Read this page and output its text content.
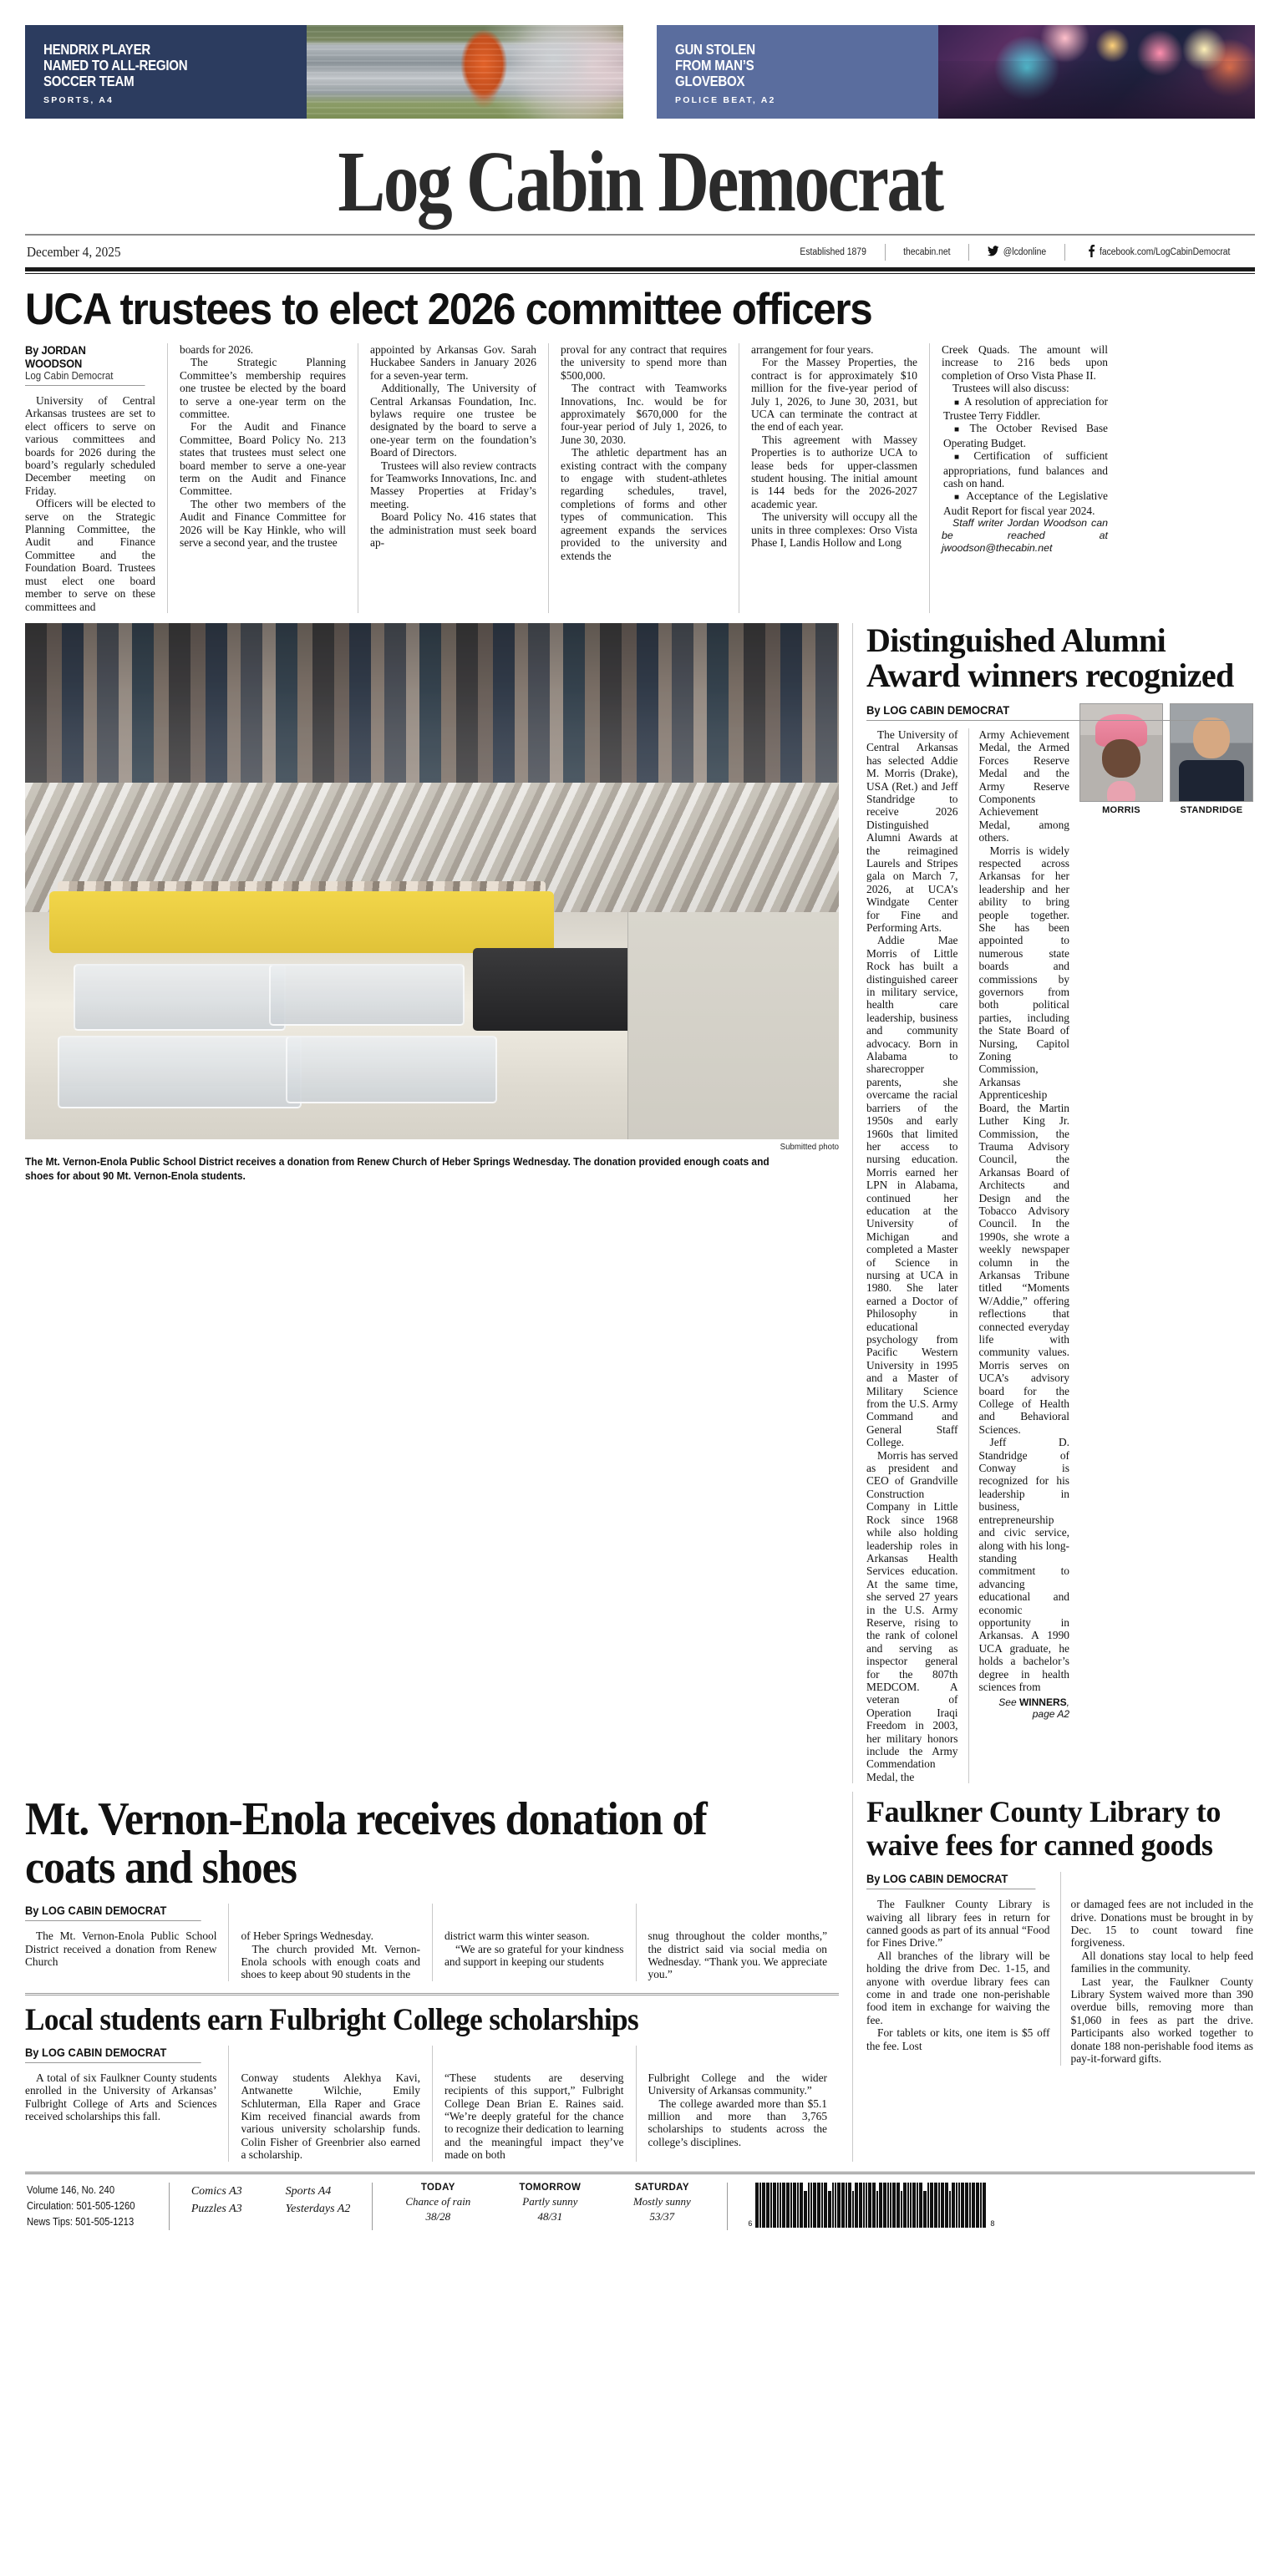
HENDRIX PLAYER
NAMED TO ALL-REGION
SOCCER TEAM
SPORTS, A4
GUN STOLEN
FROM MAN’S
GLOVEBOX
POLICE BEAT, A2
Log Cabin Democrat
December 4, 2025	Established 1879	thecabin.net	@lcdonline	facebook.com/LogCabinDemocrat
UCA trustees to elect 2026 committee officers
By JORDAN WOODSON
Log Cabin Democrat

University of Central Arkansas trustees are set to elect officers to serve on various committees and boards for 2026 during the board’s regularly scheduled December meeting on Friday.

Officers will be elected to serve on the Strategic Planning Committee, the Audit and Finance Committee and the Foundation Board. Trustees must elect one board member to serve on these committees and

boards for 2026.

The Strategic Planning Committee’s membership requires one trustee be elected by the board to serve a one-year term on the committee.

For the Audit and Finance Committee, Board Policy No. 213 states that trustees must select one board member to serve a one-year term on the Audit and Finance Committee.

The other two members of the Audit and Finance Committee for 2026 will be Kay Hinkle, who will serve a second year, and the trustee

appointed by Arkansas Gov. Sarah Huckabee Sanders in January 2026 for a seven-year term.

Additionally, The University of Central Arkansas Foundation, Inc. bylaws require one trustee be designated by the board to serve a one-year term on the foundation’s Board of Directors.

Trustees will also review contracts for Teamworks Innovations, Inc. and Massey Properties at Friday’s meeting.

Board Policy No. 416 states that the administration must seek board ap-

proval for any contract that requires the university to spend more than $500,000.

The contract with Teamworks Innovations, Inc. would be for approximately $670,000 for the four-year period of July 1, 2026, to June 30, 2030.

The athletic department has an existing contract with the company to engage with student-athletes regarding schedules, travel, completions of forms and other types of communication. This agreement expands the services provided to the university and extends the

arrangement for four years.

For the Massey Properties, the contract is for approximately $10 million for the five-year period of July 1, 2026, to June 30, 2031, but UCA can terminate the contract at the end of each year.

This agreement with Massey Properties is to authorize UCA to lease beds for upper-classmen student housing. The initial amount is 144 beds for the 2026-2027 academic year.

The university will occupy all the units in three complexes: Orso Vista Phase I, Landis Hollow and Long

Creek Quads. The amount will increase to 216 beds upon completion of Orso Vista Phase II.

Trustees will also discuss:

■ A resolution of appreciation for Trustee Terry Fiddler.

■ The October Revised Base Operating Budget.

■ Certification of sufficient appropriations, fund balances and cash on hand.

■ Acceptance of the Legislative Audit Report for fiscal year 2024.

Staff writer Jordan Woodson can be reached at jwoodson@thecabin.net

Submitted photo
The Mt. Vernon-Enola Public School District receives a donation from Renew Church of Heber Springs Wednesday. The donation provided enough coats and shoes for about 90 Mt. Vernon-Enola students.
Distinguished Alumni Award winners recognized
MORRIS	STANDRIDGE
By LOG CABIN DEMOCRAT

The University of Central Arkansas has selected Addie M. Morris (Drake), USA (Ret.) and Jeff Standridge to receive 2026 Distinguished Alumni Awards at the reimagined Laurels and Stripes gala on March 7, 2026, at UCA’s Windgate Center for Fine and Performing Arts.

Addie Mae Morris of Little Rock has built a distinguished career in military service, health care leadership, business and community advocacy. Born in Alabama to sharecropper parents, she overcame the racial barriers of the 1950s and early 1960s that limited her access to nursing education. Morris earned her LPN in Alabama, continued her education at the University of Michigan and completed a Master of Science in nursing at UCA in 1980. She later earned a Doctor of Philosophy in educational psychology from Pacific Western University in 1995 and a Master of Military Science from the U.S. Army Command and General Staff College.

Morris has served as president and CEO of Grandville Construction Company in Little Rock since 1968 while also holding leadership roles in Arkansas Health Services education. At the same time, she served 27 years in the U.S. Army Reserve, rising to the rank of colonel and serving as inspector general for the 807th MEDCOM. A veteran of Operation Iraqi Freedom in 2003, her military honors include the Army Commendation Medal, the

Army Achievement Medal, the Armed Forces Reserve Medal and the Army Reserve Components Achievement Medal, among others.

Morris is widely respected across Arkansas for her leadership and her ability to bring people together. She has been appointed to numerous state boards and commissions by governors from both political parties, including the State Board of Nursing, Capitol Zoning Commission, Arkansas Apprenticeship Board, the Martin Luther King Jr. Commission, the Trauma Advisory Council, the Arkansas Board of Architects and Design and the Tobacco Advisory Council. In the 1990s, she wrote a weekly newspaper column in the Arkansas Tribune titled “Moments W/Addie,” offering reflections that connected everyday life with community values. Morris serves on UCA’s advisory board for the College of Health and Behavioral Sciences.

Jeff D. Standridge of Conway is recognized for his leadership in business, entrepreneurship and civic service, along with his long-standing commitment to advancing educational and economic opportunity in Arkansas. A 1990 UCA graduate, he holds a bachelor’s degree in health sciences from

See WINNERS, page A2
Mt. Vernon-Enola receives donation of coats and shoes
By LOG CABIN DEMOCRAT

The Mt. Vernon-Enola Public School District received a donation from Renew Church

of Heber Springs Wednesday.

The church provided Mt. Vernon-Enola schools with enough coats and shoes to keep about 90 students in the

district warm this winter season.

“We are so grateful for your kindness and support in keeping our students

snug throughout the colder months,” the district said via social media on Wednesday. “Thank you. We appreciate you.”

Local students earn Fulbright College scholarships
By LOG CABIN DEMOCRAT

A total of six Faulkner County students enrolled in the University of Arkansas’ Fulbright College of Arts and Sciences received scholarships this fall.

Conway students Alekhya Kavi, Antwanette Wilchie, Emily Schluterman, Ella Raper and Grace Kim received financial awards from various university scholarship funds. Colin Fisher of Greenbrier also earned a scholarship.

“These students are deserving recipients of this support,” Fulbright College Dean Brian E. Raines said. “We’re deeply grateful for the chance to recognize their dedication to learning and the meaningful impact they’ve made on both

Fulbright College and the wider University of Arkansas community.”

The college awarded more than $5.1 million and more than 3,765 scholarships to students across the college’s disciplines.

Faulkner County Library to waive fees for canned goods
By LOG CABIN DEMOCRAT

The Faulkner County Library is waiving all library fees in return for canned goods as part of its annual “Food for Fines Drive.”

All branches of the library will be holding the drive from Dec. 1-15, and anyone with overdue library fees can come in and trade one non-perishable food item in exchange for waiving the fee.

For tablets or kits, one item is $5 off the fee. Lost

or damaged fees are not included in the drive. Donations must be brought in by Dec. 15 to count toward fine forgiveness.

All donations stay local to help feed families in the community.

Last year, the Faulkner County Library System waived more than 390 overdue bills, removing more than $1,060 in fees as part the drive. Participants also worked together to donate 188 non-perishable food items as pay-it-forward gifts.

Volume 146, No. 240
Circulation: 501-505-1260
News Tips: 501-505-1213
Comics A3
Puzzles A3
Sports A4
Yesterdays A2
TODAY
Chance of rain
38/28
TOMORROW
Partly sunny
48/31
SATURDAY
Mostly sunny
53/37
6	8
